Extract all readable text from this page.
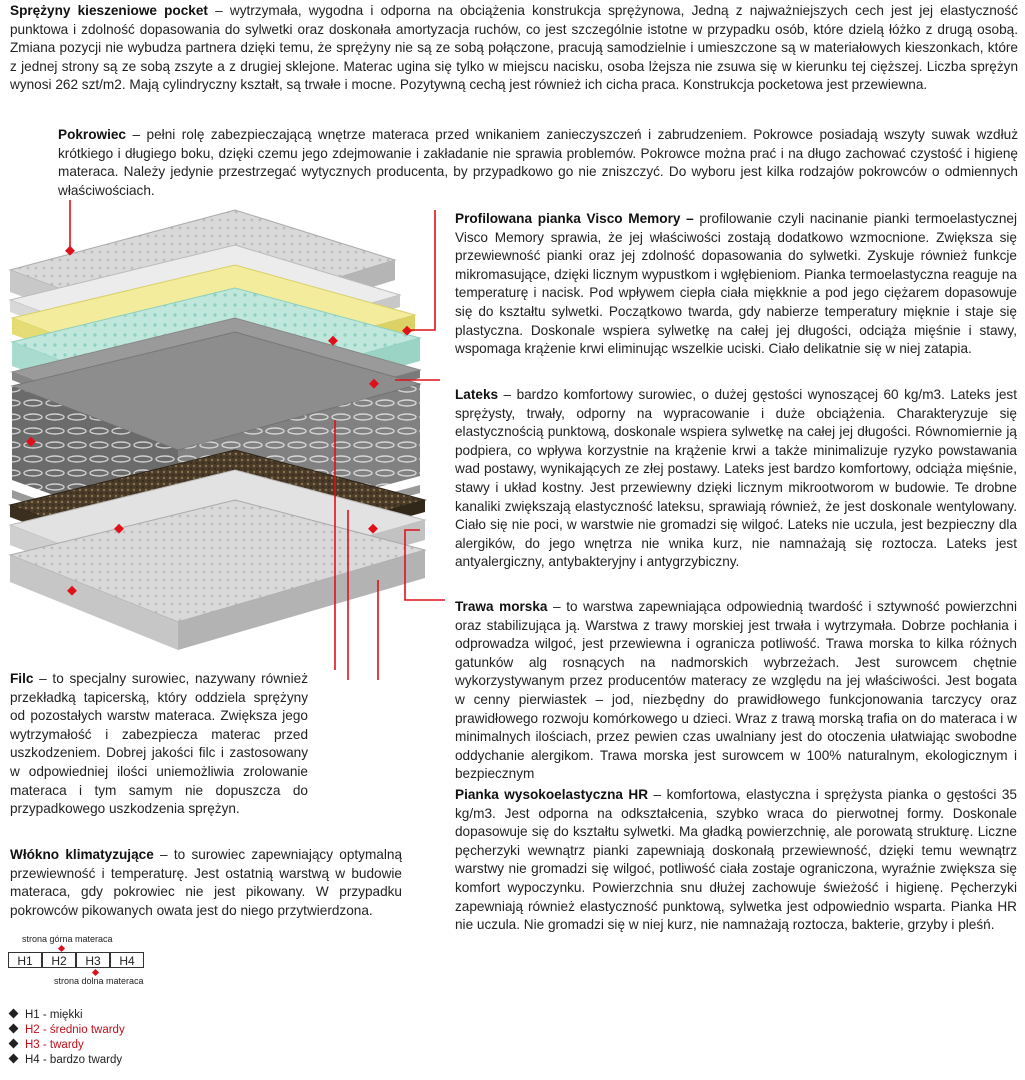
Sprężyny kieszeniowe pocket – wytrzymała, wygodna i odporna na obciążenia konstrukcja sprężynowa, Jedną z najważniejszych cech jest jej elastyczność punktowa i zdolność dopasowania do sylwetki oraz doskonała amortyzacja ruchów, co jest szczególnie istotne w przypadku osób, które dzielą łóżko z drugą osobą. Zmiana pozycji nie wybudza partnera dzięki temu, że sprężyny nie są ze sobą połączone, pracują samodzielnie i umieszczone są w materiałowych kieszonkach, które z jednej strony są ze sobą zszyte a z drugiej sklejone. Materac ugina się tylko w miejscu nacisku, osoba lżejsza nie zsuwa się w kierunku tej cięższej. Liczba sprężyn wynosi 262 szt/m2. Mają cylindryczny kształt, są trwałe i mocne. Pozytywną cechą jest również ich cicha praca. Konstrukcja pocketowa jest przewiewna.

Pokrowiec – pełni rolę zabezpieczającą wnętrze materaca przed wnikaniem zanieczyszczeń i zabrudzeniem. Pokrowce posiadają wszyty suwak wzdłuż krótkiego i długiego boku, dzięki czemu jego zdejmowanie i zakładanie nie sprawia problemów. Pokrowce można prać i na długo zachować czystość i higienę materaca. Należy jedynie przestrzegać wytycznych producenta, by przypadkowo go nie zniszczyć. Do wyboru jest kilka rodzajów pokrowców o odmiennych właściwościach.

Profilowana pianka Visco Memory – profilowanie czyli nacinanie pianki termoelastycznej Visco Memory sprawia, że jej właściwości zostają dodatkowo wzmocnione. Zwiększa się przewiewność pianki oraz jej zdolność dopasowania do sylwetki. Zyskuje również funkcje mikromasujące, dzięki licznym wypustkom i wgłębieniom. Pianka termoelastyczna reaguje na temperaturę i nacisk. Pod wpływem ciepła ciała miękknie a pod jego ciężarem dopasowuje się do kształtu sylwetki. Początkowo twarda, gdy nabierze temperatury mięknie i staje się plastyczna. Doskonale wspiera sylwetkę na całej jej długości, odciąża mięśnie i stawy, wspomaga krążenie krwi eliminując wszelkie uciski. Ciało delikatnie się w niej zatapia.

Lateks – bardzo komfortowy surowiec, o dużej gęstości wynoszącej 60 kg/m3. Lateks jest sprężysty, trwały, odporny na wypracowanie i duże obciążenia. Charakteryzuje się elastycznością punktową, doskonale wspiera sylwetkę na całej jej długości. Równomiernie ją podpiera, co wpływa korzystnie na krążenie krwi a także minimalizuje ryzyko powstawania wad postawy, wynikających ze złej postawy. Lateks jest bardzo komfortowy, odciąża mięśnie, stawy i układ kostny. Jest przewiewny dzięki licznym mikrootworom w budowie. Te drobne kanaliki zwiększają elastyczność lateksu, sprawiają również, że jest doskonale wentylowany. Ciało się nie poci, w warstwie nie gromadzi się wilgoć. Lateks nie uczula, jest bezpieczny dla alergików, do jego wnętrza nie wnika kurz, nie namnażają się roztocza. Lateks jest antyalergiczny, antybakteryjny i antygrzybiczny.

Trawa morska – to warstwa zapewniająca odpowiednią twardość i sztywność powierzchni oraz stabilizująca ją. Warstwa z trawy morskiej jest trwała i wytrzymała. Dobrze pochłania i odprowadza wilgoć, jest przewiewna i ogranicza potliwość. Trawa morska to kilka różnych gatunków alg rosnących na nadmorskich wybrzeżach. Jest surowcem chętnie wykorzystywanym przez producentów materacy ze względu na jej właściwości. Jest bogata w cenny pierwiastek – jod, niezbędny do prawidłowego funkcjonowania tarczycy oraz prawidłowego rozwoju komórkowego u dzieci. Wraz z trawą morską trafia on do materaca i w minimalnych ilościach, przez pewien czas uwalniany jest do otoczenia ułatwiając swobodne oddychanie alergikom. Trawa morska jest surowcem w 100% naturalnym, ekologicznym i bezpiecznym

Pianka wysokoelastyczna HR – komfortowa, elastyczna i sprężysta pianka o gęstości 35 kg/m3. Jest odporna na odkształcenia, szybko wraca do pierwotnej formy. Doskonale dopasowuje się do kształtu sylwetki. Ma gładką powierzchnię, ale porowatą strukturę. Liczne pęcherzyki wewnątrz pianki zapewniają doskonałą przewiewność, dzięki temu wewnątrz warstwy nie gromadzi się wilgoć, potliwość ciała zostaje ograniczona, wyraźnie zwiększa się komfort wypoczynku. Powierzchnia snu dłużej zachowuje świeżość i higienę. Pęcherzyki zapewniają również elastyczność punktową, sylwetka jest odpowiednio wsparta. Pianka HR nie uczula. Nie gromadzi się w niej kurz, nie namnażają roztocza, bakterie, grzyby i pleśń.

Filc – to specjalny surowiec, nazywany również przekładką tapicerską, który oddziela sprężyny od pozostałych warstw materaca. Zwiększa jego wytrzymałość i zabezpiecza materac przed uszkodzeniem. Dobrej jakości filc i zastosowany w odpowiedniej ilości uniemożliwia zrolowanie materaca i tym samym nie dopuszcza do przypadkowego uszkodzenia sprężyn.

Włókno klimatyzujące – to surowiec zapewniający optymalną przewiewność i temperaturę. Jest ostatnią warstwą w budowie materaca, gdy pokrowiec nie jest pikowany. W przypadku pokrowców pikowanych owata jest do niego przytwierdzona.

strona górna materaca
H1	H2	H3	H4
strona dolna materaca
H1 - miękki
H2 - średnio twardy
H3 - twardy
H4 - bardzo twardy
